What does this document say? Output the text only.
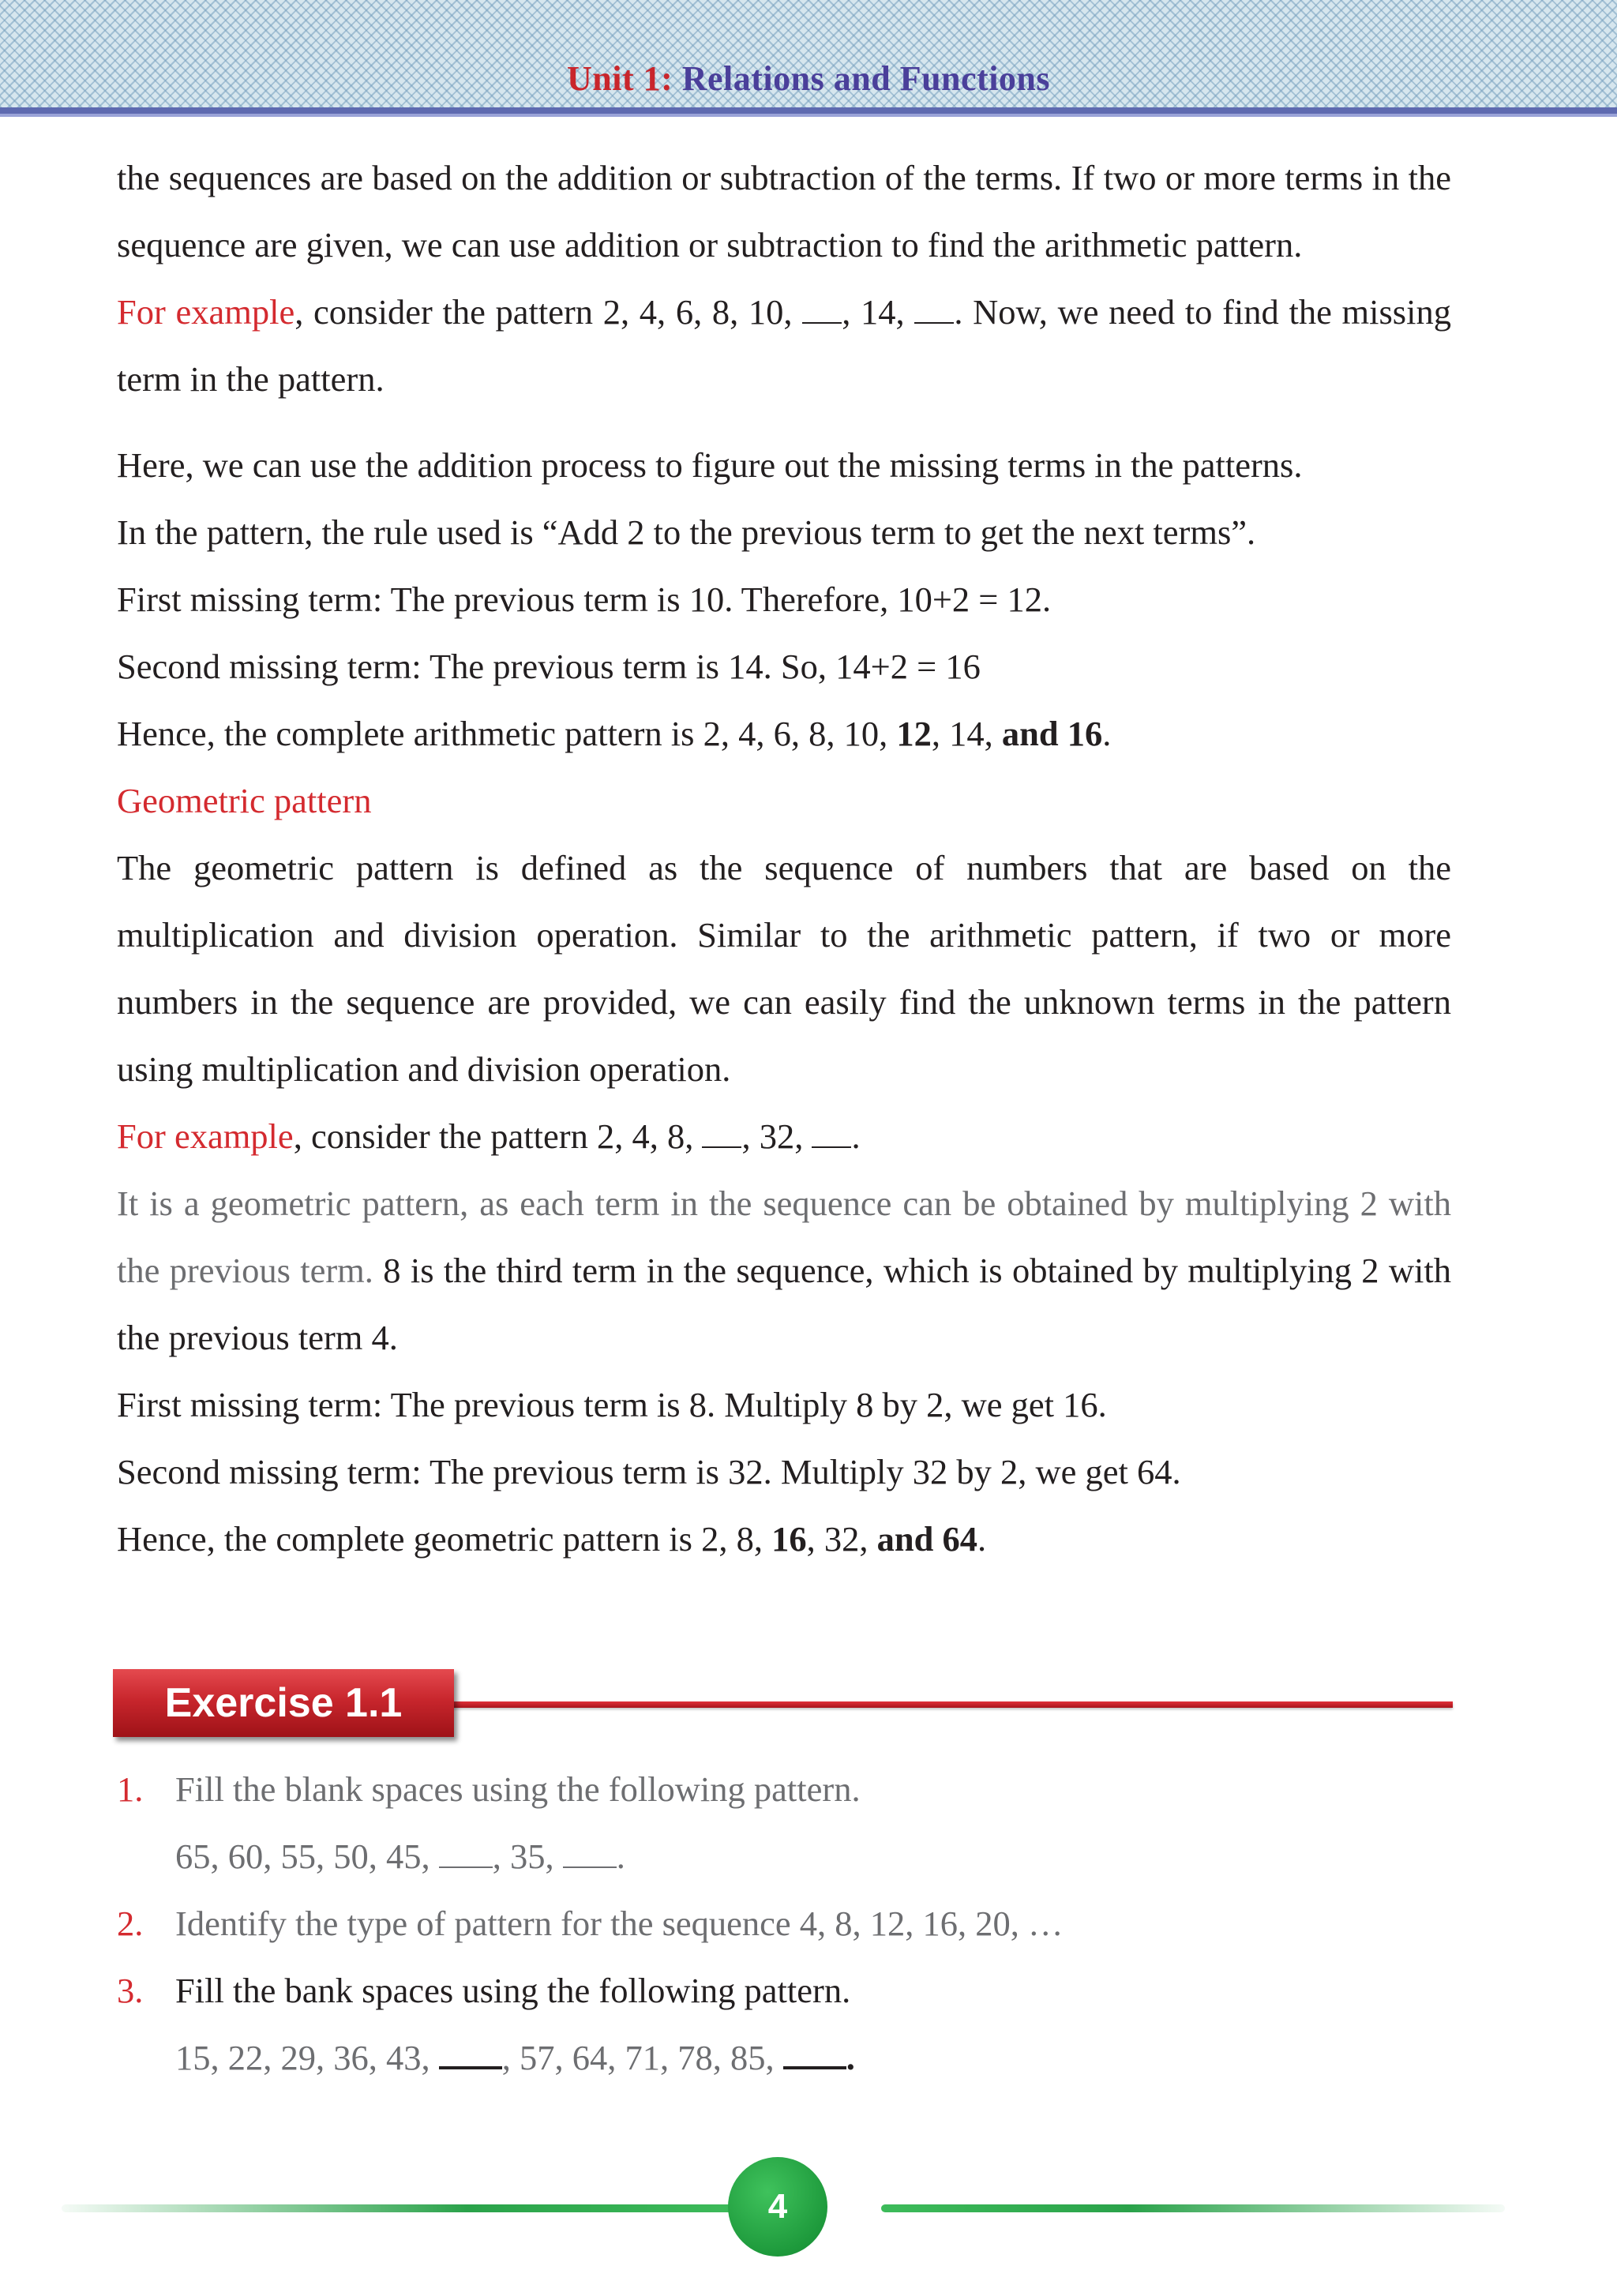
Unit 1: Relations and Functions

the sequences are based on the addition or subtraction of the terms. If two or more terms in the sequence are given, we can use addition or subtraction to find the arithmetic pattern.

For example, consider the pattern 2, 4, 6, 8, 10, , 14, . Now, we need to find the missing term in the pattern.

Here, we can use the addition process to figure out the missing terms in the patterns.

In the pattern, the rule used is “Add 2 to the previous term to get the next terms”.

First missing term: The previous term is 10. Therefore, 10+2 = 12.

Second missing term: The previous term is 14. So, 14+2 = 16

Hence, the complete arithmetic pattern is 2, 4, 6, 8, 10, 12, 14, and 16.

Geometric pattern

The geometric pattern is defined as the sequence of numbers that are based on the multiplication and division operation. Similar to the arithmetic pattern, if two or more numbers in the sequence are provided, we can easily find the unknown terms in the pattern using multiplication and division operation.

For example, consider the pattern 2, 4, 8, , 32, .

It is a geometric pattern, as each term in the sequence can be obtained by multiplying 2 with the previous term. 8 is the third term in the sequence, which is obtained by multiplying 2 with the previous term 4.

First missing term: The previous term is 8. Multiply 8 by 2, we get 16.

Second missing term: The previous term is 32. Multiply 32 by 2, we get 64.

Hence, the complete geometric pattern is 2, 8, 16, 32, and 64.

Exercise 1.1
1. Fill the blank spaces using the following pattern.
65, 60, 55, 50, 45, , 35, .
2. Identify the type of pattern for the sequence 4, 8, 12, 16, 20, …
3. Fill the bank spaces using the following pattern.
15, 22, 29, 36, 43, , 57, 64, 71, 78, 85, .
4
